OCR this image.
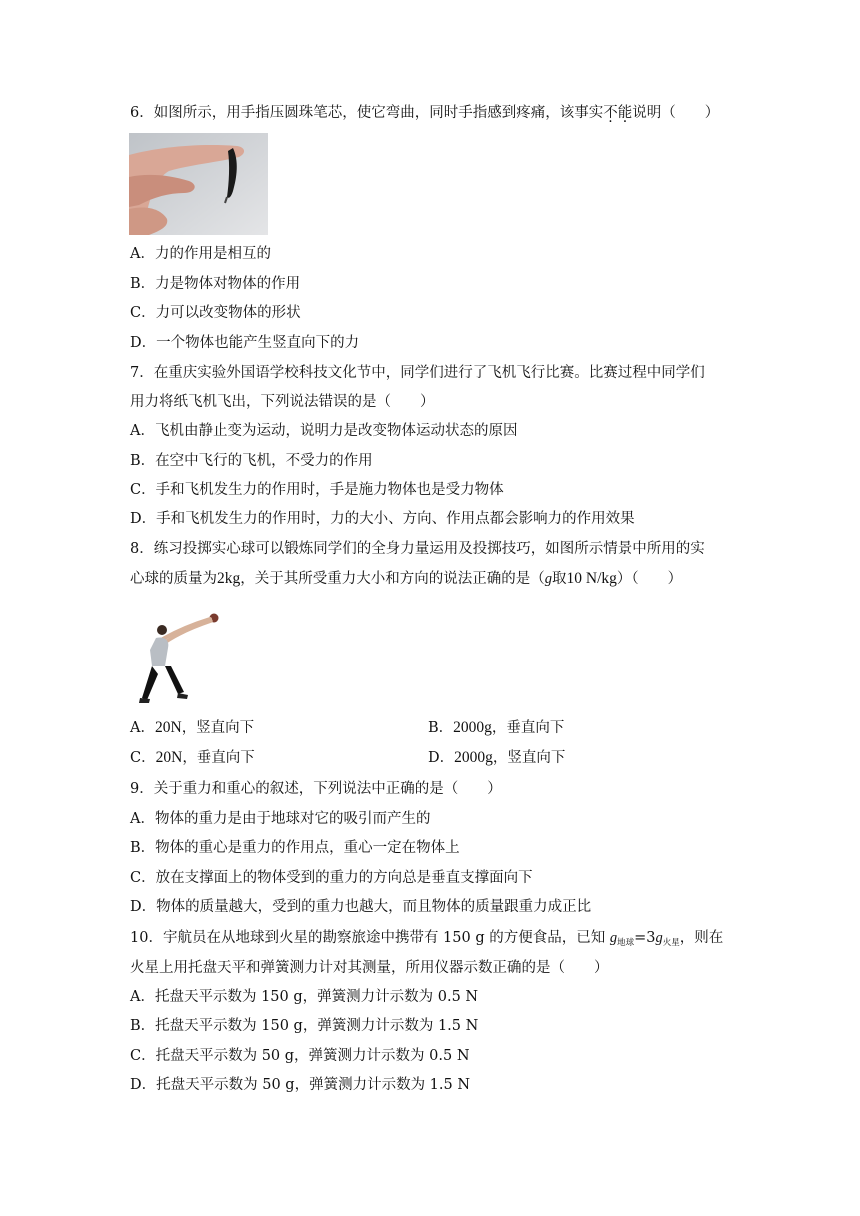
6．如图所示，用手指压圆珠笔芯，使它弯曲，同时手指感到疼痛，该事实不能说明（　　）
A．力的作用是相互的
B．力是物体对物体的作用
C．力可以改变物体的形状
D．一个物体也能产生竖直向下的力
7．在重庆实验外国语学校科技文化节中，同学们进行了飞机飞行比赛。比赛过程中同学们
用力将纸飞机飞出，下列说法错误的是（　　）
A．飞机由静止变为运动，说明力是改变物体运动状态的原因
B．在空中飞行的飞机，不受力的作用
C．手和飞机发生力的作用时，手是施力物体也是受力物体
D．手和飞机发生力的作用时，力的大小、方向、作用点都会影响力的作用效果
8．练习投掷实心球可以锻炼同学们的全身力量运用及投掷技巧，如图所示情景中所用的实
心球的质量为2kg，关于其所受重力大小和方向的说法正确的是（g取10 N/kg）（　　）
A．20N，竖直向下	B．2000g，垂直向下
C．20N，垂直向下	D．2000g，竖直向下
9．关于重力和重心的叙述，下列说法中正确的是（　　）
A．物体的重力是由于地球对它的吸引而产生的
B．物体的重心是重力的作用点，重心一定在物体上
C．放在支撑面上的物体受到的重力的方向总是垂直支撑面向下
D．物体的质量越大，受到的重力也越大，而且物体的质量跟重力成正比
10．宇航员在从地球到火星的勘察旅途中携带有 150 g 的方便食品，已知 $g_{地球}=3g_{火星}$，则在
火星上用托盘天平和弹簧测力计对其测量，所用仪器示数正确的是（　　）
A．托盘天平示数为 150 g，弹簧测力计示数为 0.5 N
B．托盘天平示数为 150 g，弹簧测力计示数为 1.5 N
C．托盘天平示数为 50 g，弹簧测力计示数为 0.5 N
D．托盘天平示数为 50 g，弹簧测力计示数为 1.5 N
